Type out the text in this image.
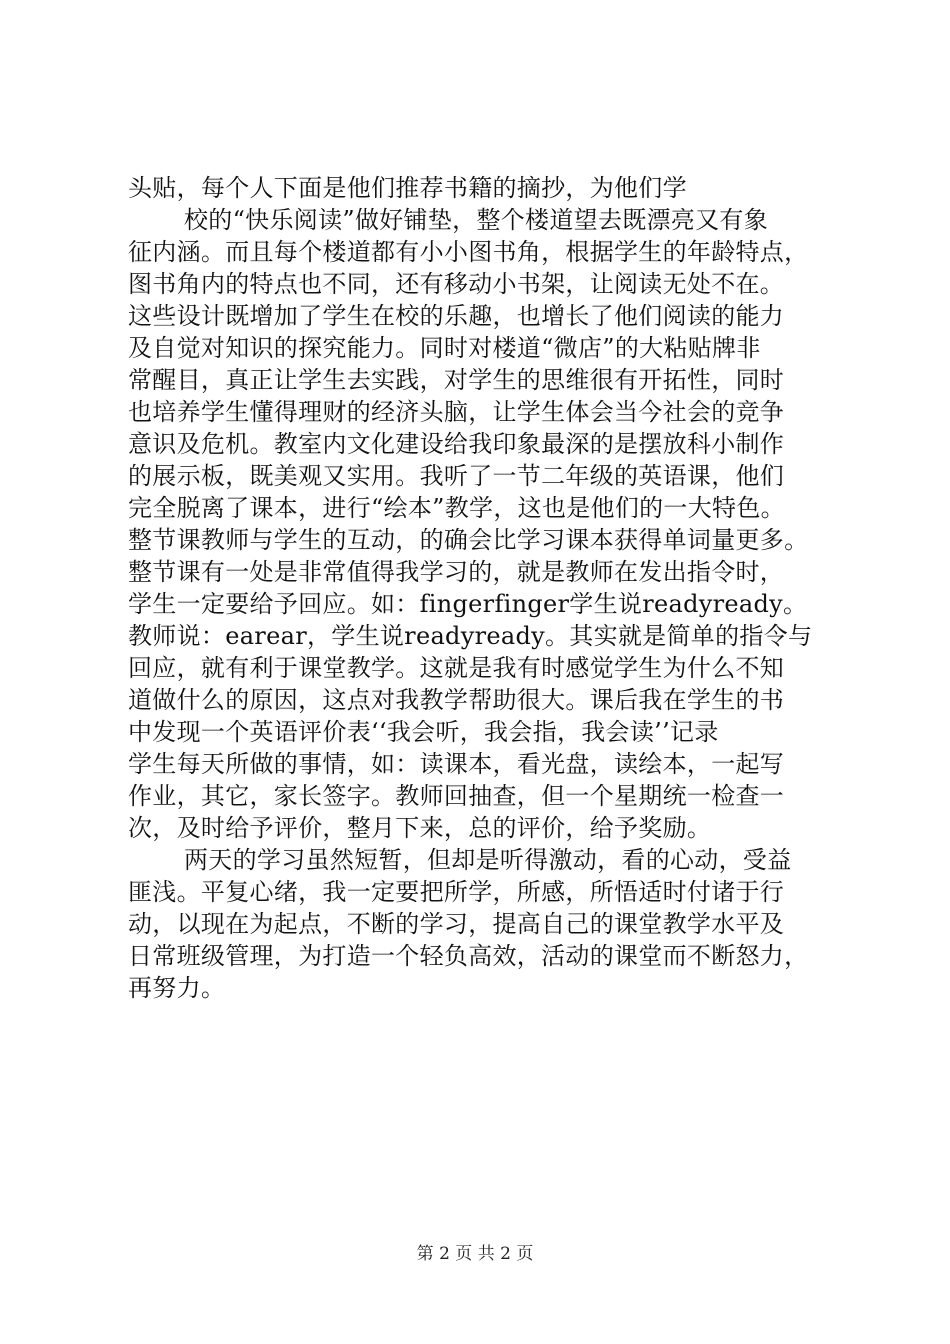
头贴，每个人下面是他们推荐书籍的摘抄，为他们学
校的“快乐阅读”做好铺垫，整个楼道望去既漂亮又有象
征内涵。而且每个楼道都有小小图书角，根据学生的年龄特点，
图书角内的特点也不同，还有移动小书架，让阅读无处不在。
这些设计既增加了学生在校的乐趣，也增长了他们阅读的能力
及自觉对知识的探究能力。同时对楼道“微店”的大粘贴牌非
常醒目，真正让学生去实践，对学生的思维很有开拓性，同时
也培养学生懂得理财的经济头脑，让学生体会当今社会的竞争
意识及危机。教室内文化建设给我印象最深的是摆放科小制作
的展示板，既美观又实用。我听了一节二年级的英语课，他们
完全脱离了课本，进行“绘本”教学，这也是他们的一大特色。
整节课教师与学生的互动，的确会比学习课本获得单词量更多。
整节课有一处是非常值得我学习的，就是教师在发出指令时，
学生一定要给予回应。如：fingerfinger学生说readyready。
教师说：earear，学生说readyready。其实就是简单的指令与
回应，就有利于课堂教学。这就是我有时感觉学生为什么不知
道做什么的原因，这点对我教学帮助很大。课后我在学生的书
中发现一个英语评价表‘‘我会听，我会指，我会读’’记录
学生每天所做的事情，如：读课本，看光盘，读绘本，一起写
作业，其它，家长签字。教师回抽查，但一个星期统一检查一
次，及时给予评价，整月下来，总的评价，给予奖励。
两天的学习虽然短暂，但却是听得激动，看的心动，受益
匪浅。平复心绪，我一定要把所学，所感，所悟适时付诸于行
动，以现在为起点，不断的学习，提高自己的课堂教学水平及
日常班级管理，为打造一个轻负高效，活动的课堂而不断怒力，
再努力。
第 2 页 共 2 页
